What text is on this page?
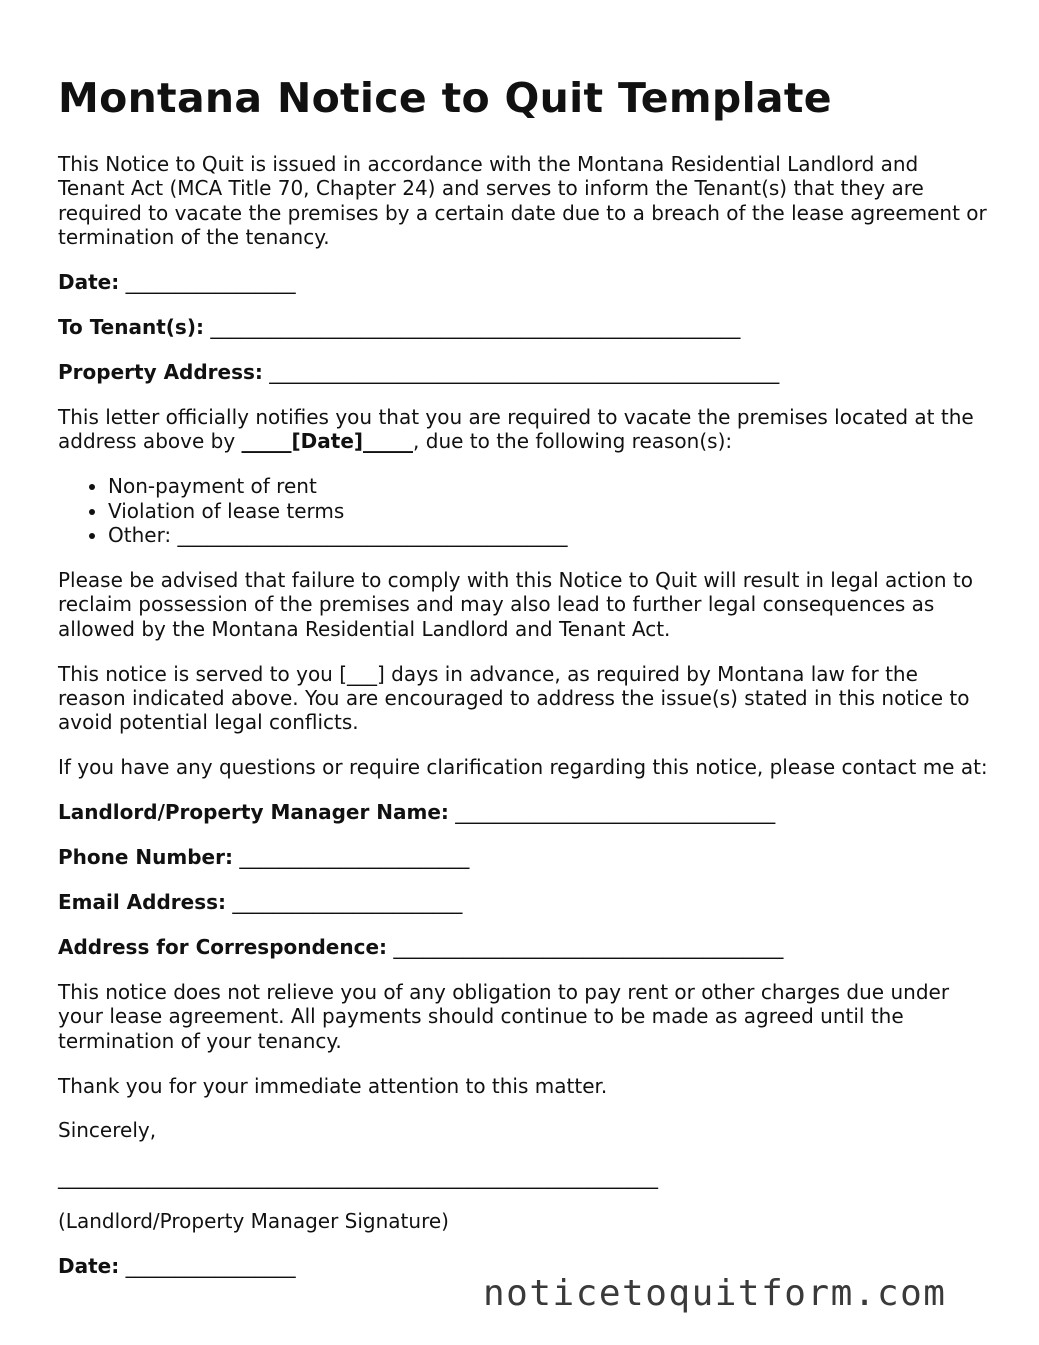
Montana Notice to Quit Template

This Notice to Quit is issued in accordance with the Montana Residential Landlord and Tenant Act (MCA Title 70, Chapter 24) and serves to inform the Tenant(s) that they are required to vacate the premises by a certain date due to a breach of the lease agreement or termination of the tenancy.

Date: _________________
To Tenant(s): _____________________________________________________
Property Address: ___________________________________________________

This letter officially notifies you that you are required to vacate the premises located at the address above by _____[Date]_____, due to the following reason(s):

• Non-payment of rent
• Violation of lease terms
• Other: _______________________________________

Please be advised that failure to comply with this Notice to Quit will result in legal action to reclaim possession of the premises and may also lead to further legal consequences as allowed by the Montana Residential Landlord and Tenant Act.

This notice is served to you [___] days in advance, as required by Montana law for the reason indicated above. You are encouraged to address the issue(s) stated in this notice to avoid potential legal conflicts.

If you have any questions or require clarification regarding this notice, please contact me at:

Landlord/Property Manager Name: ________________________________
Phone Number: _______________________
Email Address: _______________________
Address for Correspondence: _______________________________________

This notice does not relieve you of any obligation to pay rent or other charges due under your lease agreement. All payments should continue to be made as agreed until the termination of your tenancy.

Thank you for your immediate attention to this matter.

Sincerely,

____________________________________________________________

(Landlord/Property Manager Signature)

Date: _________________
noticetoquitform.com
